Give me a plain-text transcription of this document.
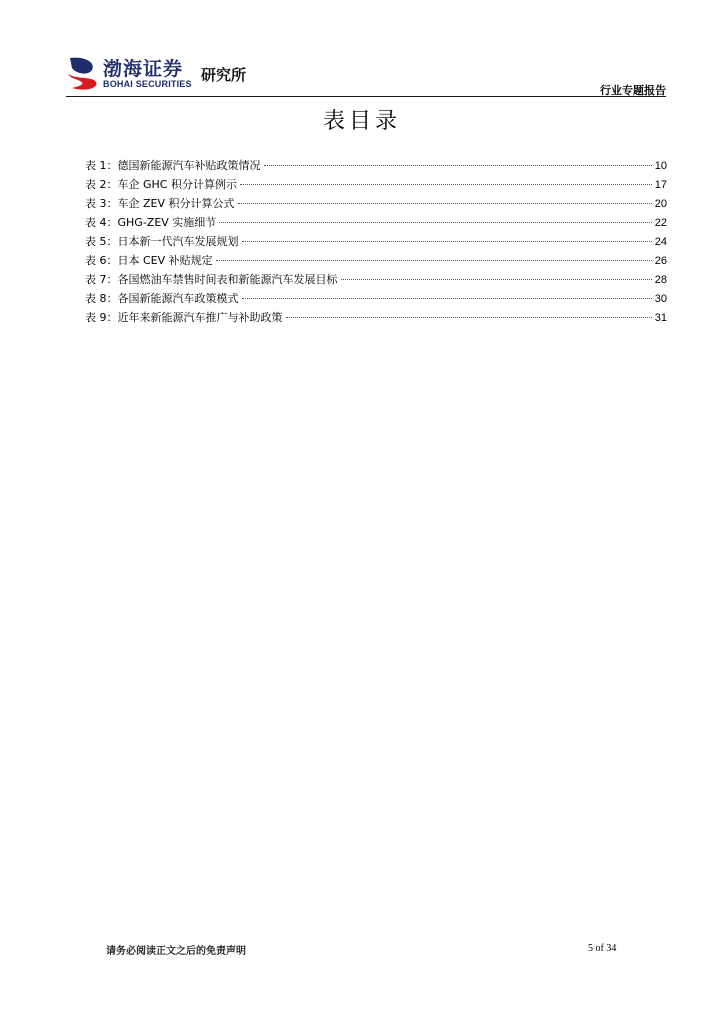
渤海证券
BOHAI SECURITIES 研究所
行业专题报告
表目录
表 1：德国新能源汽车补贴政策情况	10
表 2：车企 GHC 积分计算例示	17
表 3：车企 ZEV 积分计算公式	20
表 4：GHG-ZEV 实施细节	22
表 5：日本新一代汽车发展规划	24
表 6：日本 CEV 补贴规定	26
表 7：各国燃油车禁售时间表和新能源汽车发展目标	28
表 8：各国新能源汽车政策模式	30
表 9：近年来新能源汽车推广与补助政策	31
请务必阅读正文之后的免责声明	5 of 34
